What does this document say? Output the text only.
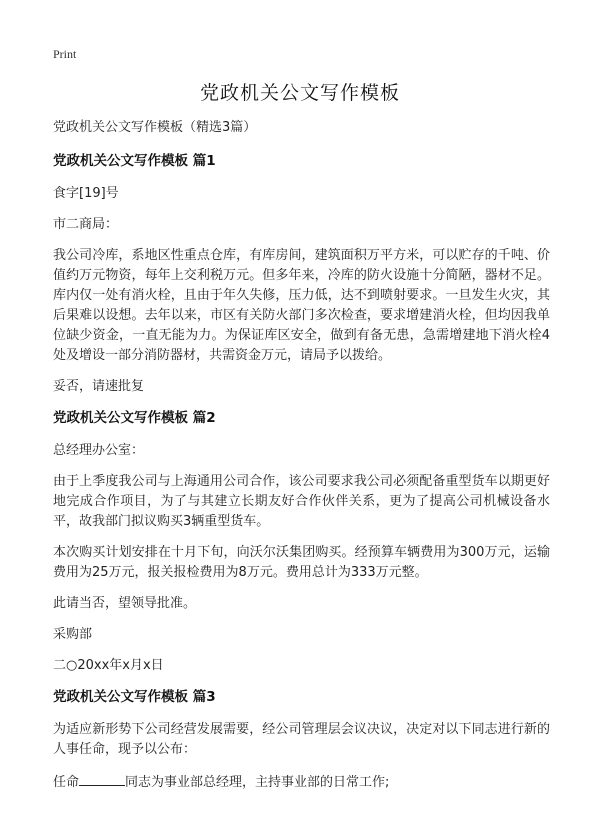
Print
党政机关公文写作模板

党政机关公文写作模板（精选3篇）

党政机关公文写作模板 篇1

食字[19]号

市二商局：

我公司冷库，系地区性重点仓库，有库房间，建筑面积万平方米，可以贮存的千吨、价值约万元物资，每年上交利税万元。但多年来，冷库的防火设施十分简陋，器材不足。库内仅一处有消火栓，且由于年久失修，压力低，达不到喷射要求。一旦发生火灾，其后果难以设想。去年以来，市区有关防火部门多次检查，要求增建消火栓，但均因我单位缺少资金，一直无能为力。为保证库区安全，做到有备无患，急需增建地下消火栓4处及增设一部分消防器材，共需资金万元，请局予以拨给。

妥否，请速批复

党政机关公文写作模板 篇2

总经理办公室：

由于上季度我公司与上海通用公司合作，该公司要求我公司必须配备重型货车以期更好地完成合作项目，为了与其建立长期友好合作伙伴关系，更为了提高公司机械设备水平，故我部门拟议购买3辆重型货车。

本次购买计划安排在十月下旬，向沃尔沃集团购买。经预算车辆费用为300万元，运输费用为25万元，报关报检费用为8万元。费用总计为333万元整。

此请当否，望领导批准。

采购部

二○20xx年x月x日

党政机关公文写作模板 篇3

为适应新形势下公司经营发展需要，经公司管理层会议决议，决定对以下同志进行新的人事任命，现予以公布：

任命	同志为事业部总经理，主持事业部的日常工作;
